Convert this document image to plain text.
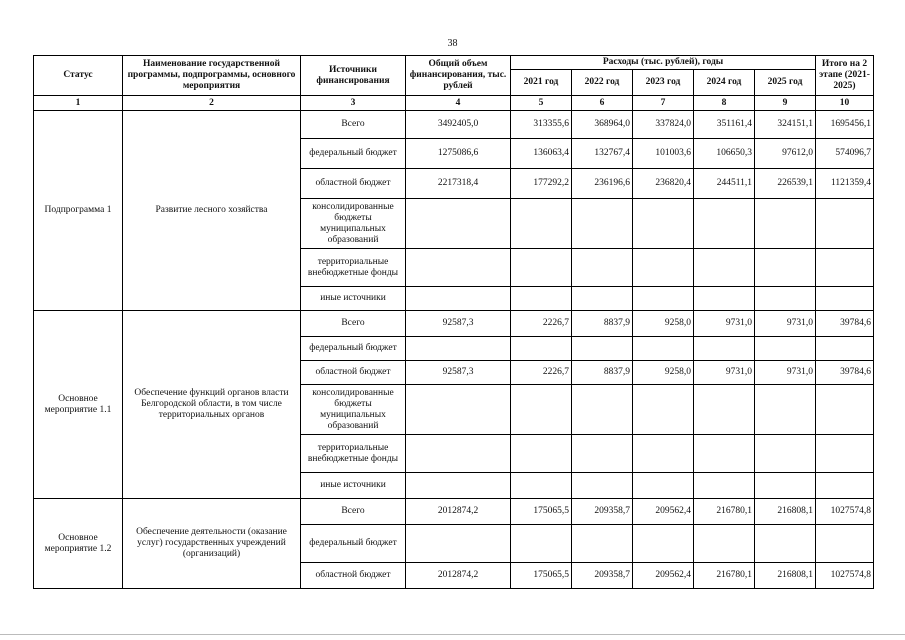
38
Статус	Наименование государственной программы, подпрограммы, основного мероприятия	Источники финансирования	Общий объем финансирования, тыс. рублей	Расходы (тыс. рублей), годы					Итого на 2 этапе (2021-2025)
				2021 год	2022 год	2023 год	2024 год	2025 год	
1	2	3	4	5	6	7	8	9	10
Подпрограмма 1	Развитие лесного хозяйства	Всего	3492405,0	313355,6	368964,0	337824,0	351161,4	324151,1	1695456,1
		федеральный бюджет	1275086,6	136063,4	132767,4	101003,6	106650,3	97612,0	574096,7
		областной бюджет	2217318,4	177292,2	236196,6	236820,4	244511,1	226539,1	1121359,4
		консолидированные бюджеты муниципальных образований							
		территориальные внебюджетные фонды							
		иные источники							
Основное мероприятие 1.1	Обеспечение функций органов власти Белгородской области, в том числе территориальных органов	Всего	92587,3	2226,7	8837,9	9258,0	9731,0	9731,0	39784,6
		федеральный бюджет							
		областной бюджет	92587,3	2226,7	8837,9	9258,0	9731,0	9731,0	39784,6
		консолидированные бюджеты муниципальных образований							
		территориальные внебюджетные фонды							
		иные источники							
Основное мероприятие 1.2	Обеспечение деятельности (оказание услуг) государственных учреждений (организаций)	Всего	2012874,2	175065,5	209358,7	209562,4	216780,1	216808,1	1027574,8
		федеральный бюджет							
		областной бюджет	2012874,2	175065,5	209358,7	209562,4	216780,1	216808,1	1027574,8
